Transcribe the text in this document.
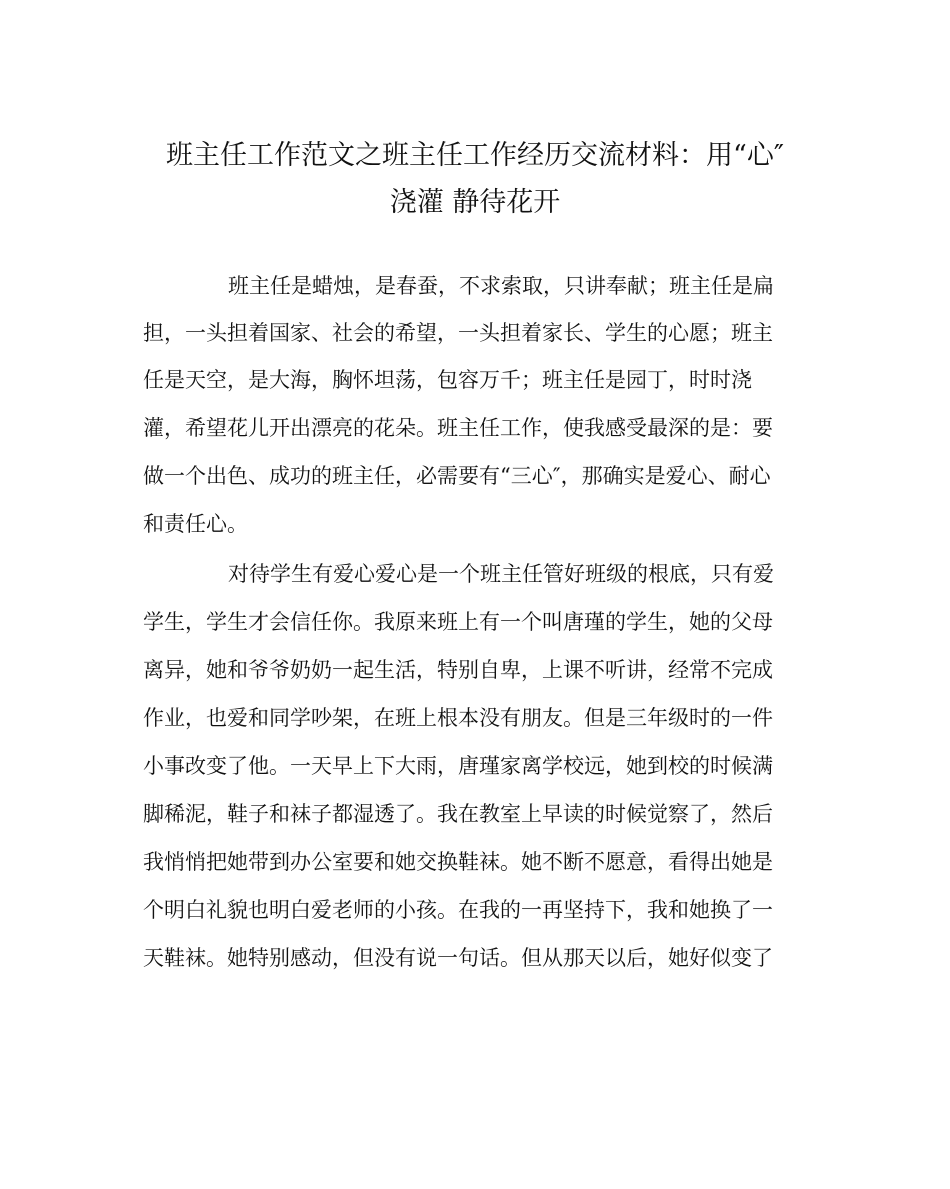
班主任工作范文之班主任工作经历交流材料：用“心″
浇灌 静待花开
班主任是蜡烛，是春蚕，不求索取，只讲奉献；班主任是扁
担，一头担着国家、社会的希望，一头担着家长、学生的心愿；班主
任是天空，是大海，胸怀坦荡，包容万千；班主任是园丁，时时浇
灌，希望花儿开出漂亮的花朵。班主任工作，使我感受最深的是：要
做一个出色、成功的班主任，必需要有“三心″，那确实是爱心、耐心
和责任心。
对待学生有爱心爱心是一个班主任管好班级的根底，只有爱
学生，学生才会信任你。我原来班上有一个叫唐瑾的学生，她的父母
离异，她和爷爷奶奶一起生活，特别自卑，上课不听讲，经常不完成
作业，也爱和同学吵架，在班上根本没有朋友。但是三年级时的一件
小事改变了他。一天早上下大雨，唐瑾家离学校远，她到校的时候满
脚稀泥，鞋子和袜子都湿透了。我在教室上早读的时候觉察了，然后
我悄悄把她带到办公室要和她交换鞋袜。她不断不愿意，看得出她是
个明白礼貌也明白爱老师的小孩。在我的一再坚持下，我和她换了一
天鞋袜。她特别感动，但没有说一句话。但从那天以后，她好似变了
